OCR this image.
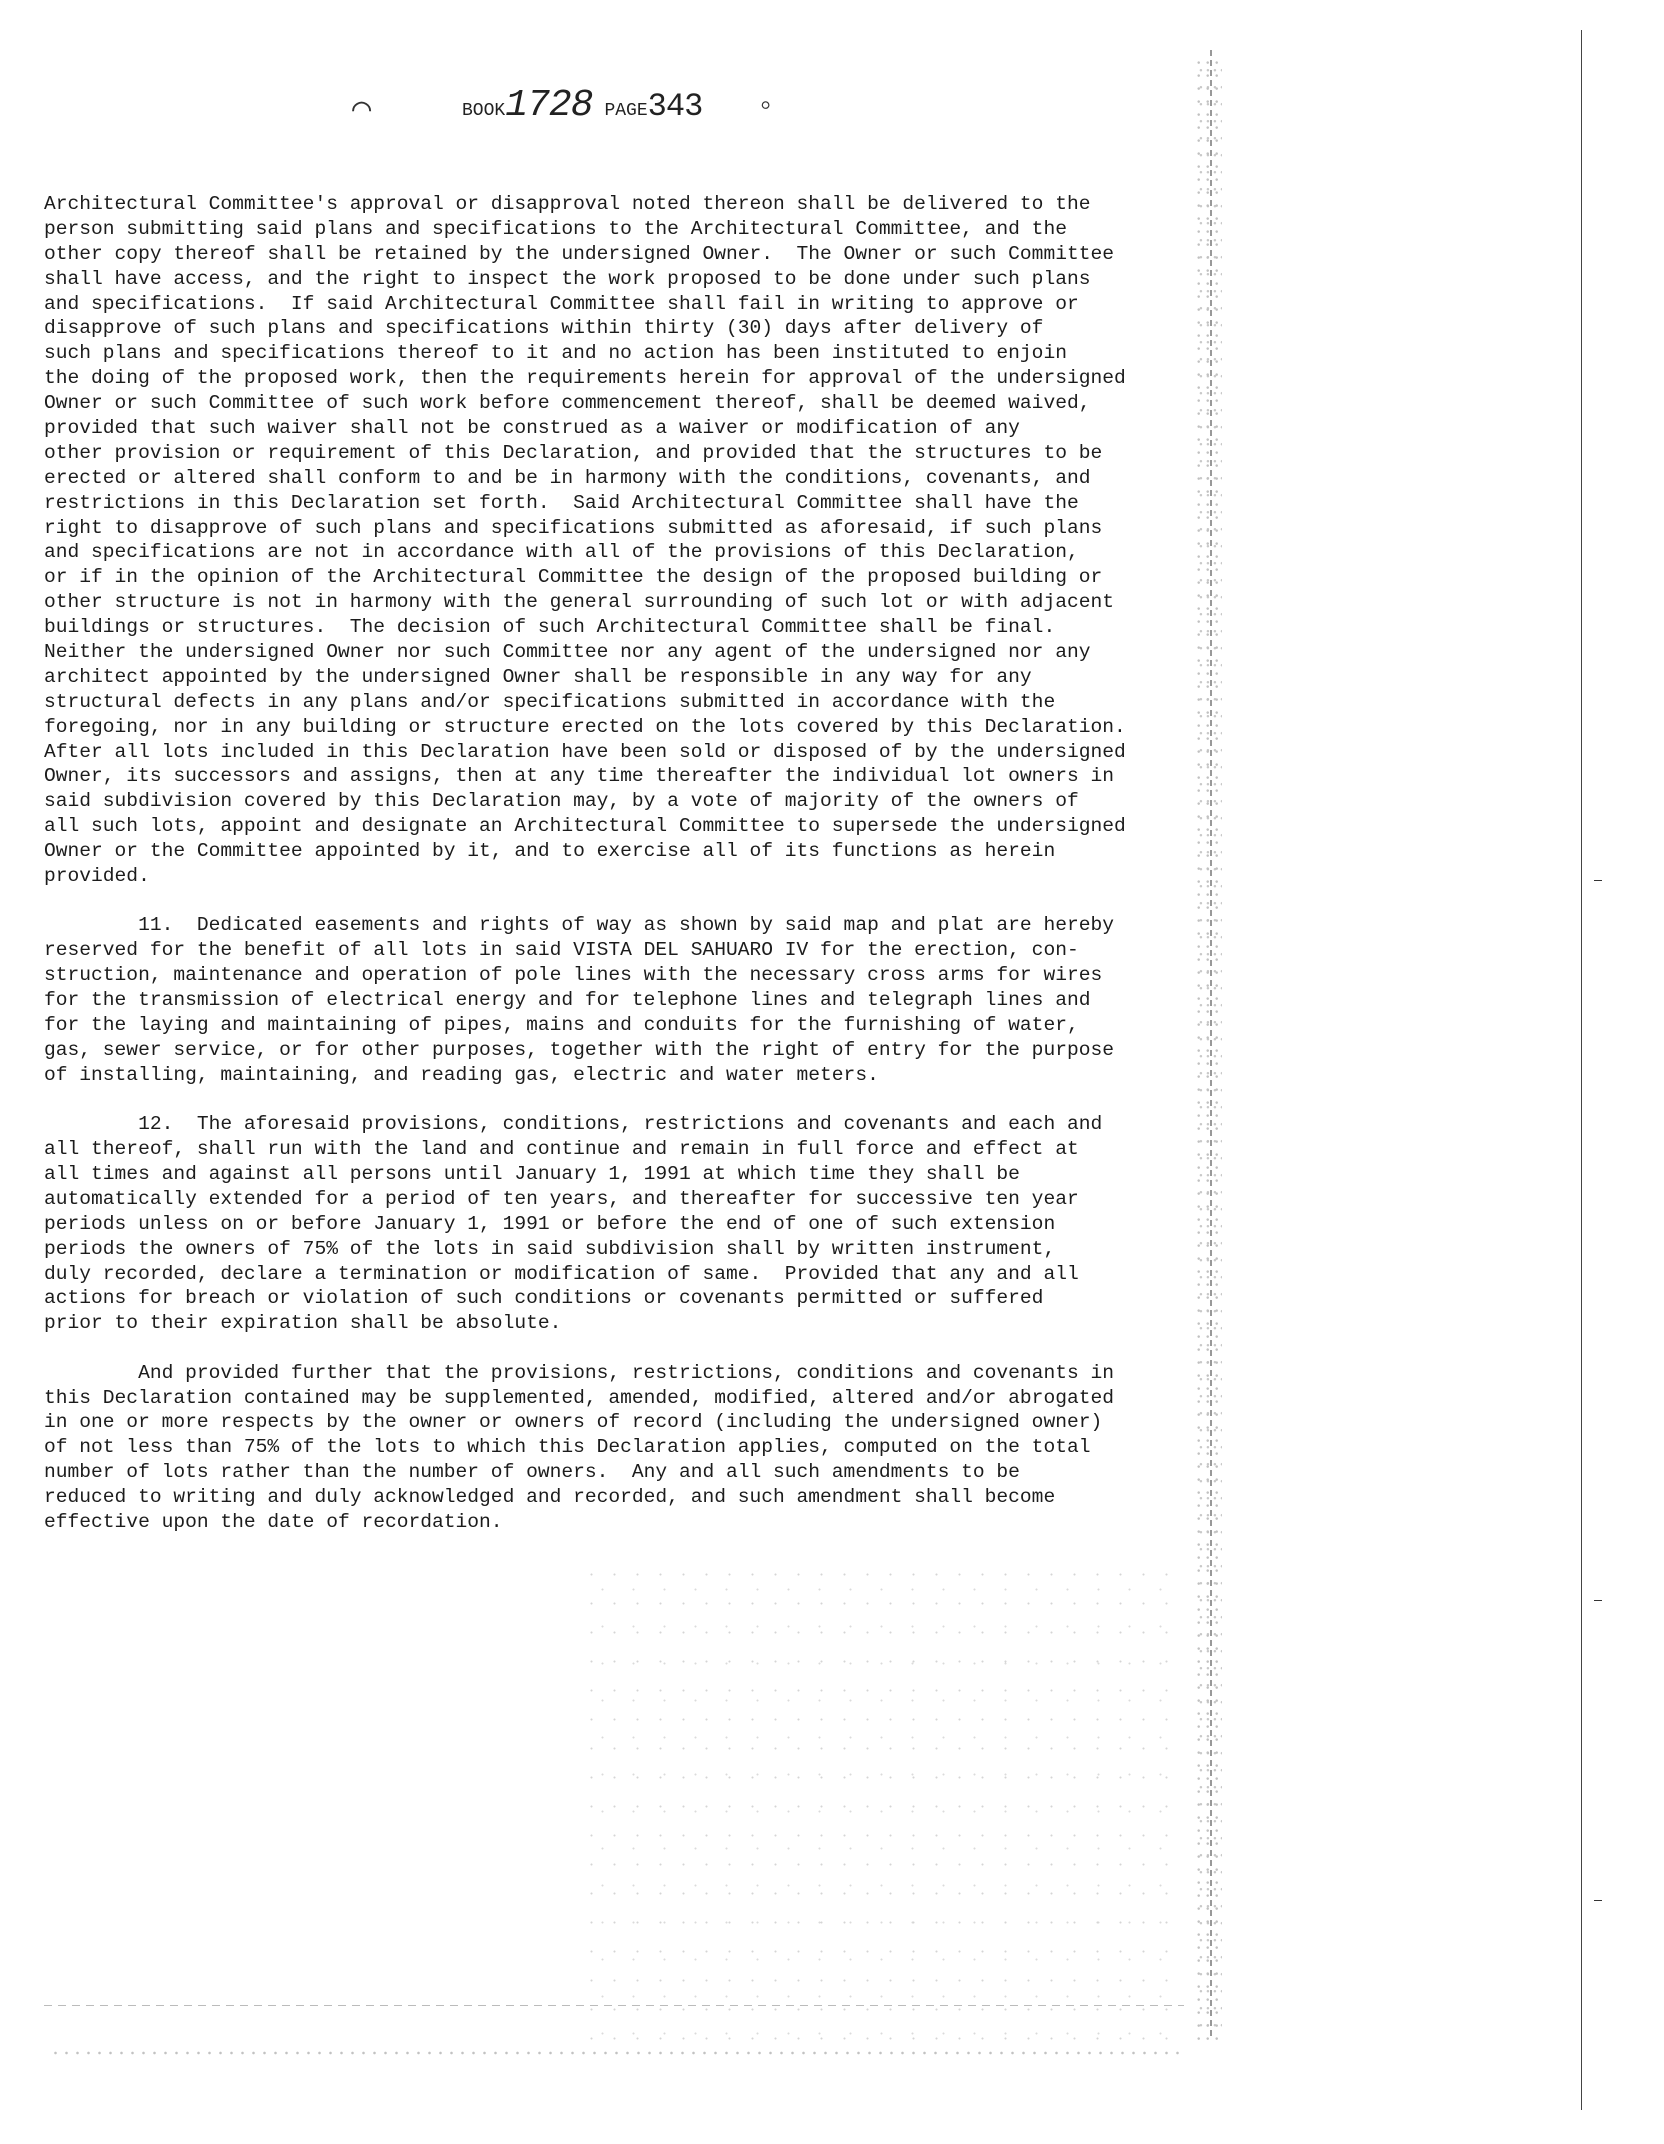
⌒	BOOK1728 PAGE343 ◦
Architectural Committee's approval or disapproval noted thereon shall be delivered to the
person submitting said plans and specifications to the Architectural Committee, and the
other copy thereof shall be retained by the undersigned Owner.  The Owner or such Committee
shall have access, and the right to inspect the work proposed to be done under such plans
and specifications.  If said Architectural Committee shall fail in writing to approve or
disapprove of such plans and specifications within thirty (30) days after delivery of
such plans and specifications thereof to it and no action has been instituted to enjoin
the doing of the proposed work, then the requirements herein for approval of the undersigned
Owner or such Committee of such work before commencement thereof, shall be deemed waived,
provided that such waiver shall not be construed as a waiver or modification of any
other provision or requirement of this Declaration, and provided that the structures to be
erected or altered shall conform to and be in harmony with the conditions, covenants, and
restrictions in this Declaration set forth.  Said Architectural Committee shall have the
right to disapprove of such plans and specifications submitted as aforesaid, if such plans
and specifications are not in accordance with all of the provisions of this Declaration,
or if in the opinion of the Architectural Committee the design of the proposed building or
other structure is not in harmony with the general surrounding of such lot or with adjacent
buildings or structures.  The decision of such Architectural Committee shall be final.
Neither the undersigned Owner nor such Committee nor any agent of the undersigned nor any
architect appointed by the undersigned Owner shall be responsible in any way for any
structural defects in any plans and/or specifications submitted in accordance with the
foregoing, nor in any building or structure erected on the lots covered by this Declaration.
After all lots included in this Declaration have been sold or disposed of by the undersigned
Owner, its successors and assigns, then at any time thereafter the individual lot owners in
said subdivision covered by this Declaration may, by a vote of majority of the owners of
all such lots, appoint and designate an Architectural Committee to supersede the undersigned
Owner or the Committee appointed by it, and to exercise all of its functions as herein
provided.
11.  Dedicated easements and rights of way as shown by said map and plat are hereby
reserved for the benefit of all lots in said VISTA DEL SAHUARO IV for the erection, con-
struction, maintenance and operation of pole lines with the necessary cross arms for wires
for the transmission of electrical energy and for telephone lines and telegraph lines and
for the laying and maintaining of pipes, mains and conduits for the furnishing of water,
gas, sewer service, or for other purposes, together with the right of entry for the purpose
of installing, maintaining, and reading gas, electric and water meters.
12.  The aforesaid provisions, conditions, restrictions and covenants and each and
all thereof, shall run with the land and continue and remain in full force and effect at
all times and against all persons until January 1, 1991 at which time they shall be
automatically extended for a period of ten years, and thereafter for successive ten year
periods unless on or before January 1, 1991 or before the end of one of such extension
periods the owners of 75% of the lots in said subdivision shall by written instrument,
duly recorded, declare a termination or modification of same.  Provided that any and all
actions for breach or violation of such conditions or covenants permitted or suffered
prior to their expiration shall be absolute.
And provided further that the provisions, restrictions, conditions and covenants in
this Declaration contained may be supplemented, amended, modified, altered and/or abrogated
in one or more respects by the owner or owners of record (including the undersigned owner)
of not less than 75% of the lots to which this Declaration applies, computed on the total
number of lots rather than the number of owners.  Any and all such amendments to be
reduced to writing and duly acknowledged and recorded, and such amendment shall become
effective upon the date of recordation.
